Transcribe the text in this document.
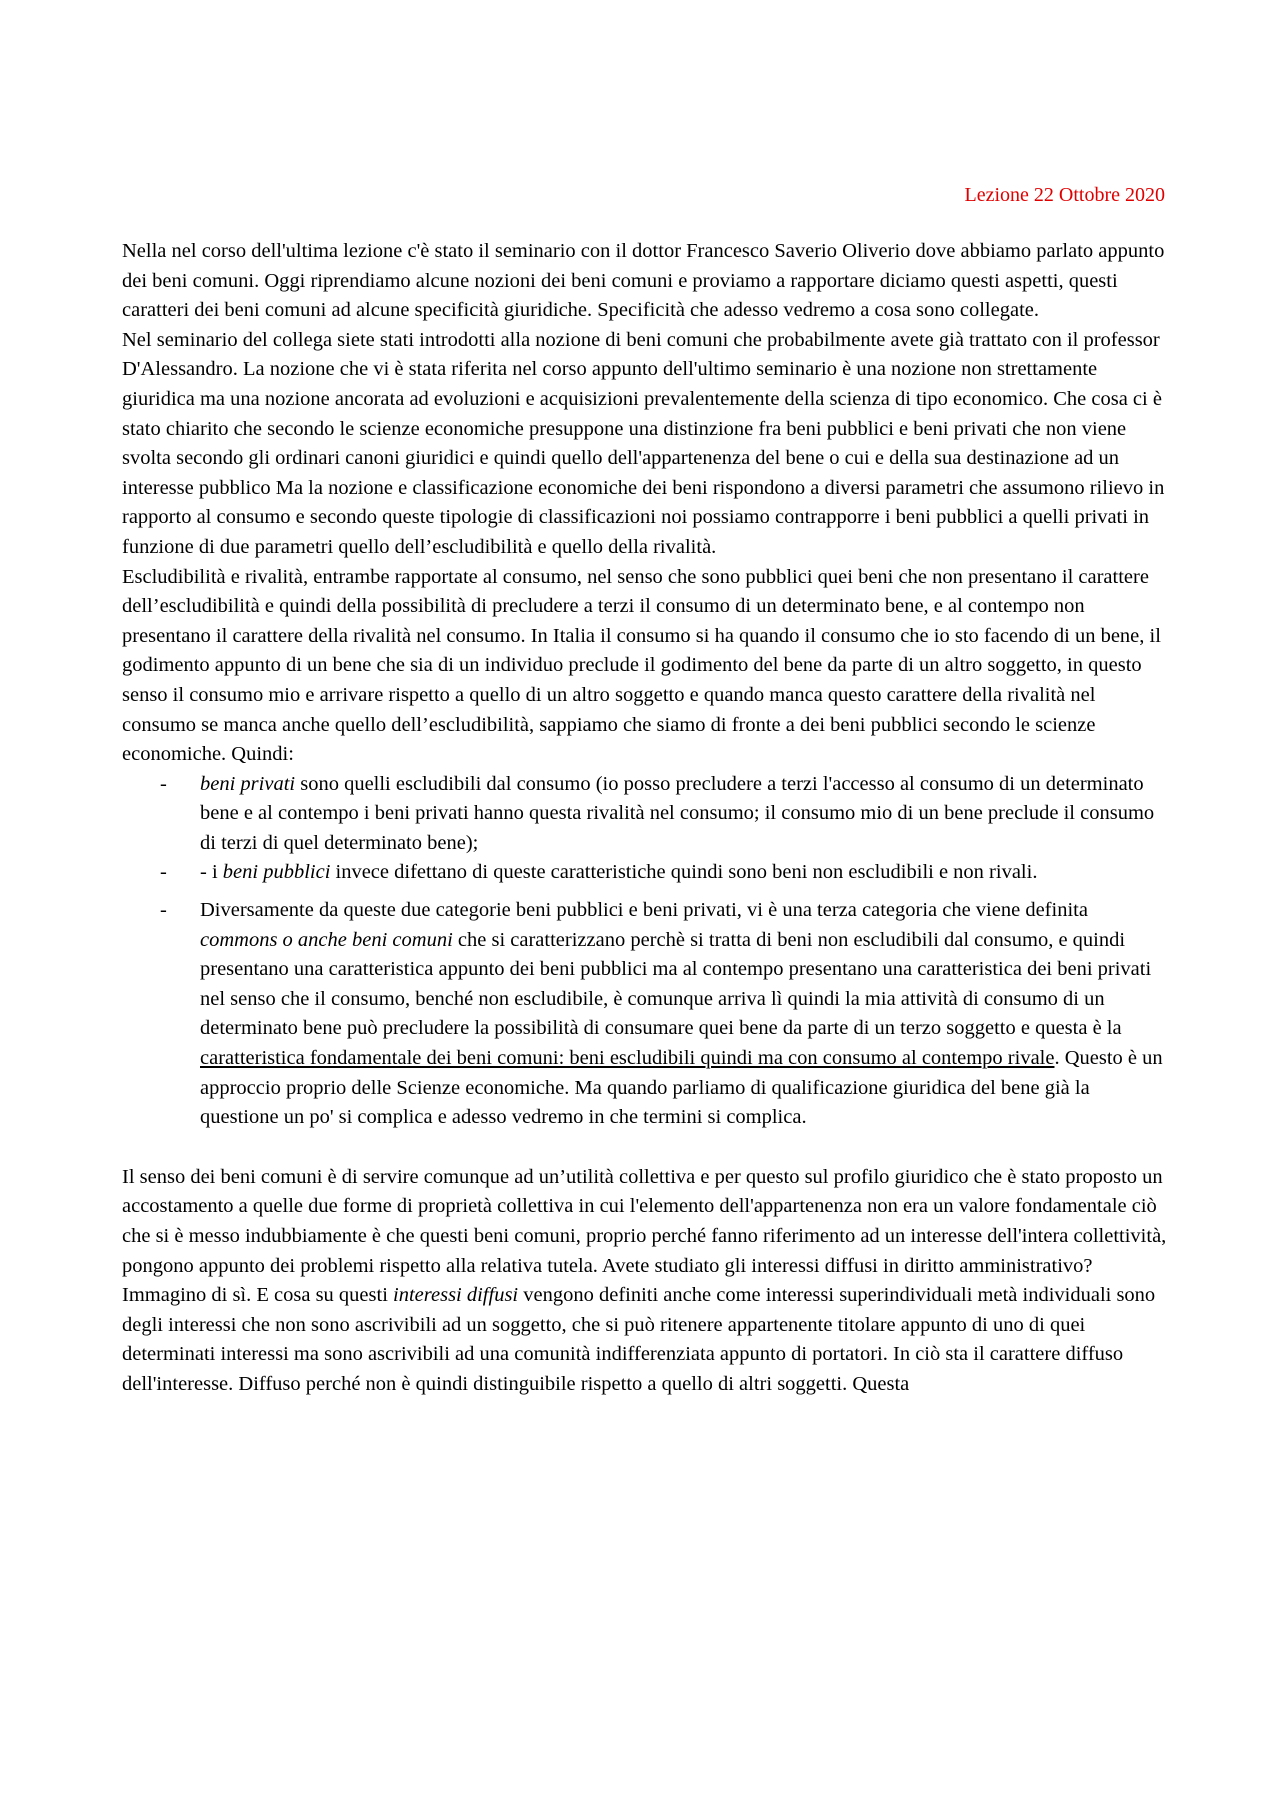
Lezione 22 Ottobre 2020

Nella nel corso dell'ultima lezione c'è stato il seminario con il dottor Francesco Saverio Oliverio dove abbiamo parlato appunto dei beni comuni. Oggi riprendiamo alcune nozioni dei beni comuni e proviamo a rapportare diciamo questi aspetti, questi caratteri dei beni comuni ad alcune specificità giuridiche. Specificità che adesso vedremo a cosa sono collegate.

Nel seminario del collega siete stati introdotti alla nozione di beni comuni che probabilmente avete già trattato con il professor D'Alessandro. La nozione che vi è stata riferita nel corso appunto dell'ultimo seminario è una nozione non strettamente giuridica ma una nozione ancorata ad evoluzioni e acquisizioni prevalentemente della scienza di tipo economico. Che cosa ci è stato chiarito che secondo le scienze economiche presuppone una distinzione fra beni pubblici e beni privati che non viene svolta secondo gli ordinari canoni giuridici e quindi quello dell'appartenenza del bene o cui e della sua destinazione ad un interesse pubblico Ma la nozione e classificazione economiche dei beni rispondono a diversi parametri che assumono rilievo in rapporto al consumo e secondo queste tipologie di classificazioni noi possiamo contrapporre i beni pubblici a quelli privati in funzione di due parametri quello dell’escludibilità e quello della rivalità.

Escludibilità e rivalità, entrambe rapportate al consumo, nel senso che sono pubblici quei beni che non presentano il carattere dell’escludibilità e quindi della possibilità di precludere a terzi il consumo di un determinato bene, e al contempo non presentano il carattere della rivalità nel consumo. In Italia il consumo si ha quando il consumo che io sto facendo di un bene, il godimento appunto di un bene che sia di un individuo preclude il godimento del bene da parte di un altro soggetto, in questo senso il consumo mio e arrivare rispetto a quello di un altro soggetto e quando manca questo carattere della rivalità nel consumo se manca anche quello dell’escludibilità, sappiamo che siamo di fronte a dei beni pubblici secondo le scienze economiche. Quindi:

- beni privati sono quelli escludibili dal consumo (io posso precludere a terzi l'accesso al consumo di un determinato bene e al contempo i beni privati hanno questa rivalità nel consumo; il consumo mio di un bene preclude il consumo di terzi di quel determinato bene);
- - i beni pubblici invece difettano di queste caratteristiche quindi sono beni non escludibili e non rivali.
- Diversamente da queste due categorie beni pubblici e beni privati, vi è una terza categoria che viene definita commons o anche beni comuni che si caratterizzano perchè si tratta di beni non escludibili dal consumo, e quindi presentano una caratteristica appunto dei beni pubblici ma al contempo presentano una caratteristica dei beni privati nel senso che il consumo, benché non escludibile, è comunque arriva lì quindi la mia attività di consumo di un determinato bene può precludere la possibilità di consumare quei bene da parte di un terzo soggetto e questa è la caratteristica fondamentale dei beni comuni: beni escludibili quindi ma con consumo al contempo rivale. Questo è un approccio proprio delle Scienze economiche. Ma quando parliamo di qualificazione giuridica del bene già la questione un po' si complica e adesso vedremo in che termini si complica.

Il senso dei beni comuni è di servire comunque ad un’utilità collettiva e per questo sul profilo giuridico che è stato proposto un accostamento a quelle due forme di proprietà collettiva in cui l'elemento dell'appartenenza non era un valore fondamentale ciò che si è messo indubbiamente è che questi beni comuni, proprio perché fanno riferimento ad un interesse dell'intera collettività, pongono appunto dei problemi rispetto alla relativa tutela. Avete studiato gli interessi diffusi in diritto amministrativo? Immagino di sì. E cosa su questi interessi diffusi vengono definiti anche come interessi superindividuali metà individuali sono degli interessi che non sono ascrivibili ad un soggetto, che si può ritenere appartenente titolare appunto di uno di quei determinati interessi ma sono ascrivibili ad una comunità indifferenziata appunto di portatori. In ciò sta il carattere diffuso dell'interesse. Diffuso perché non è quindi distinguibile rispetto a quello di altri soggetti. Questa
